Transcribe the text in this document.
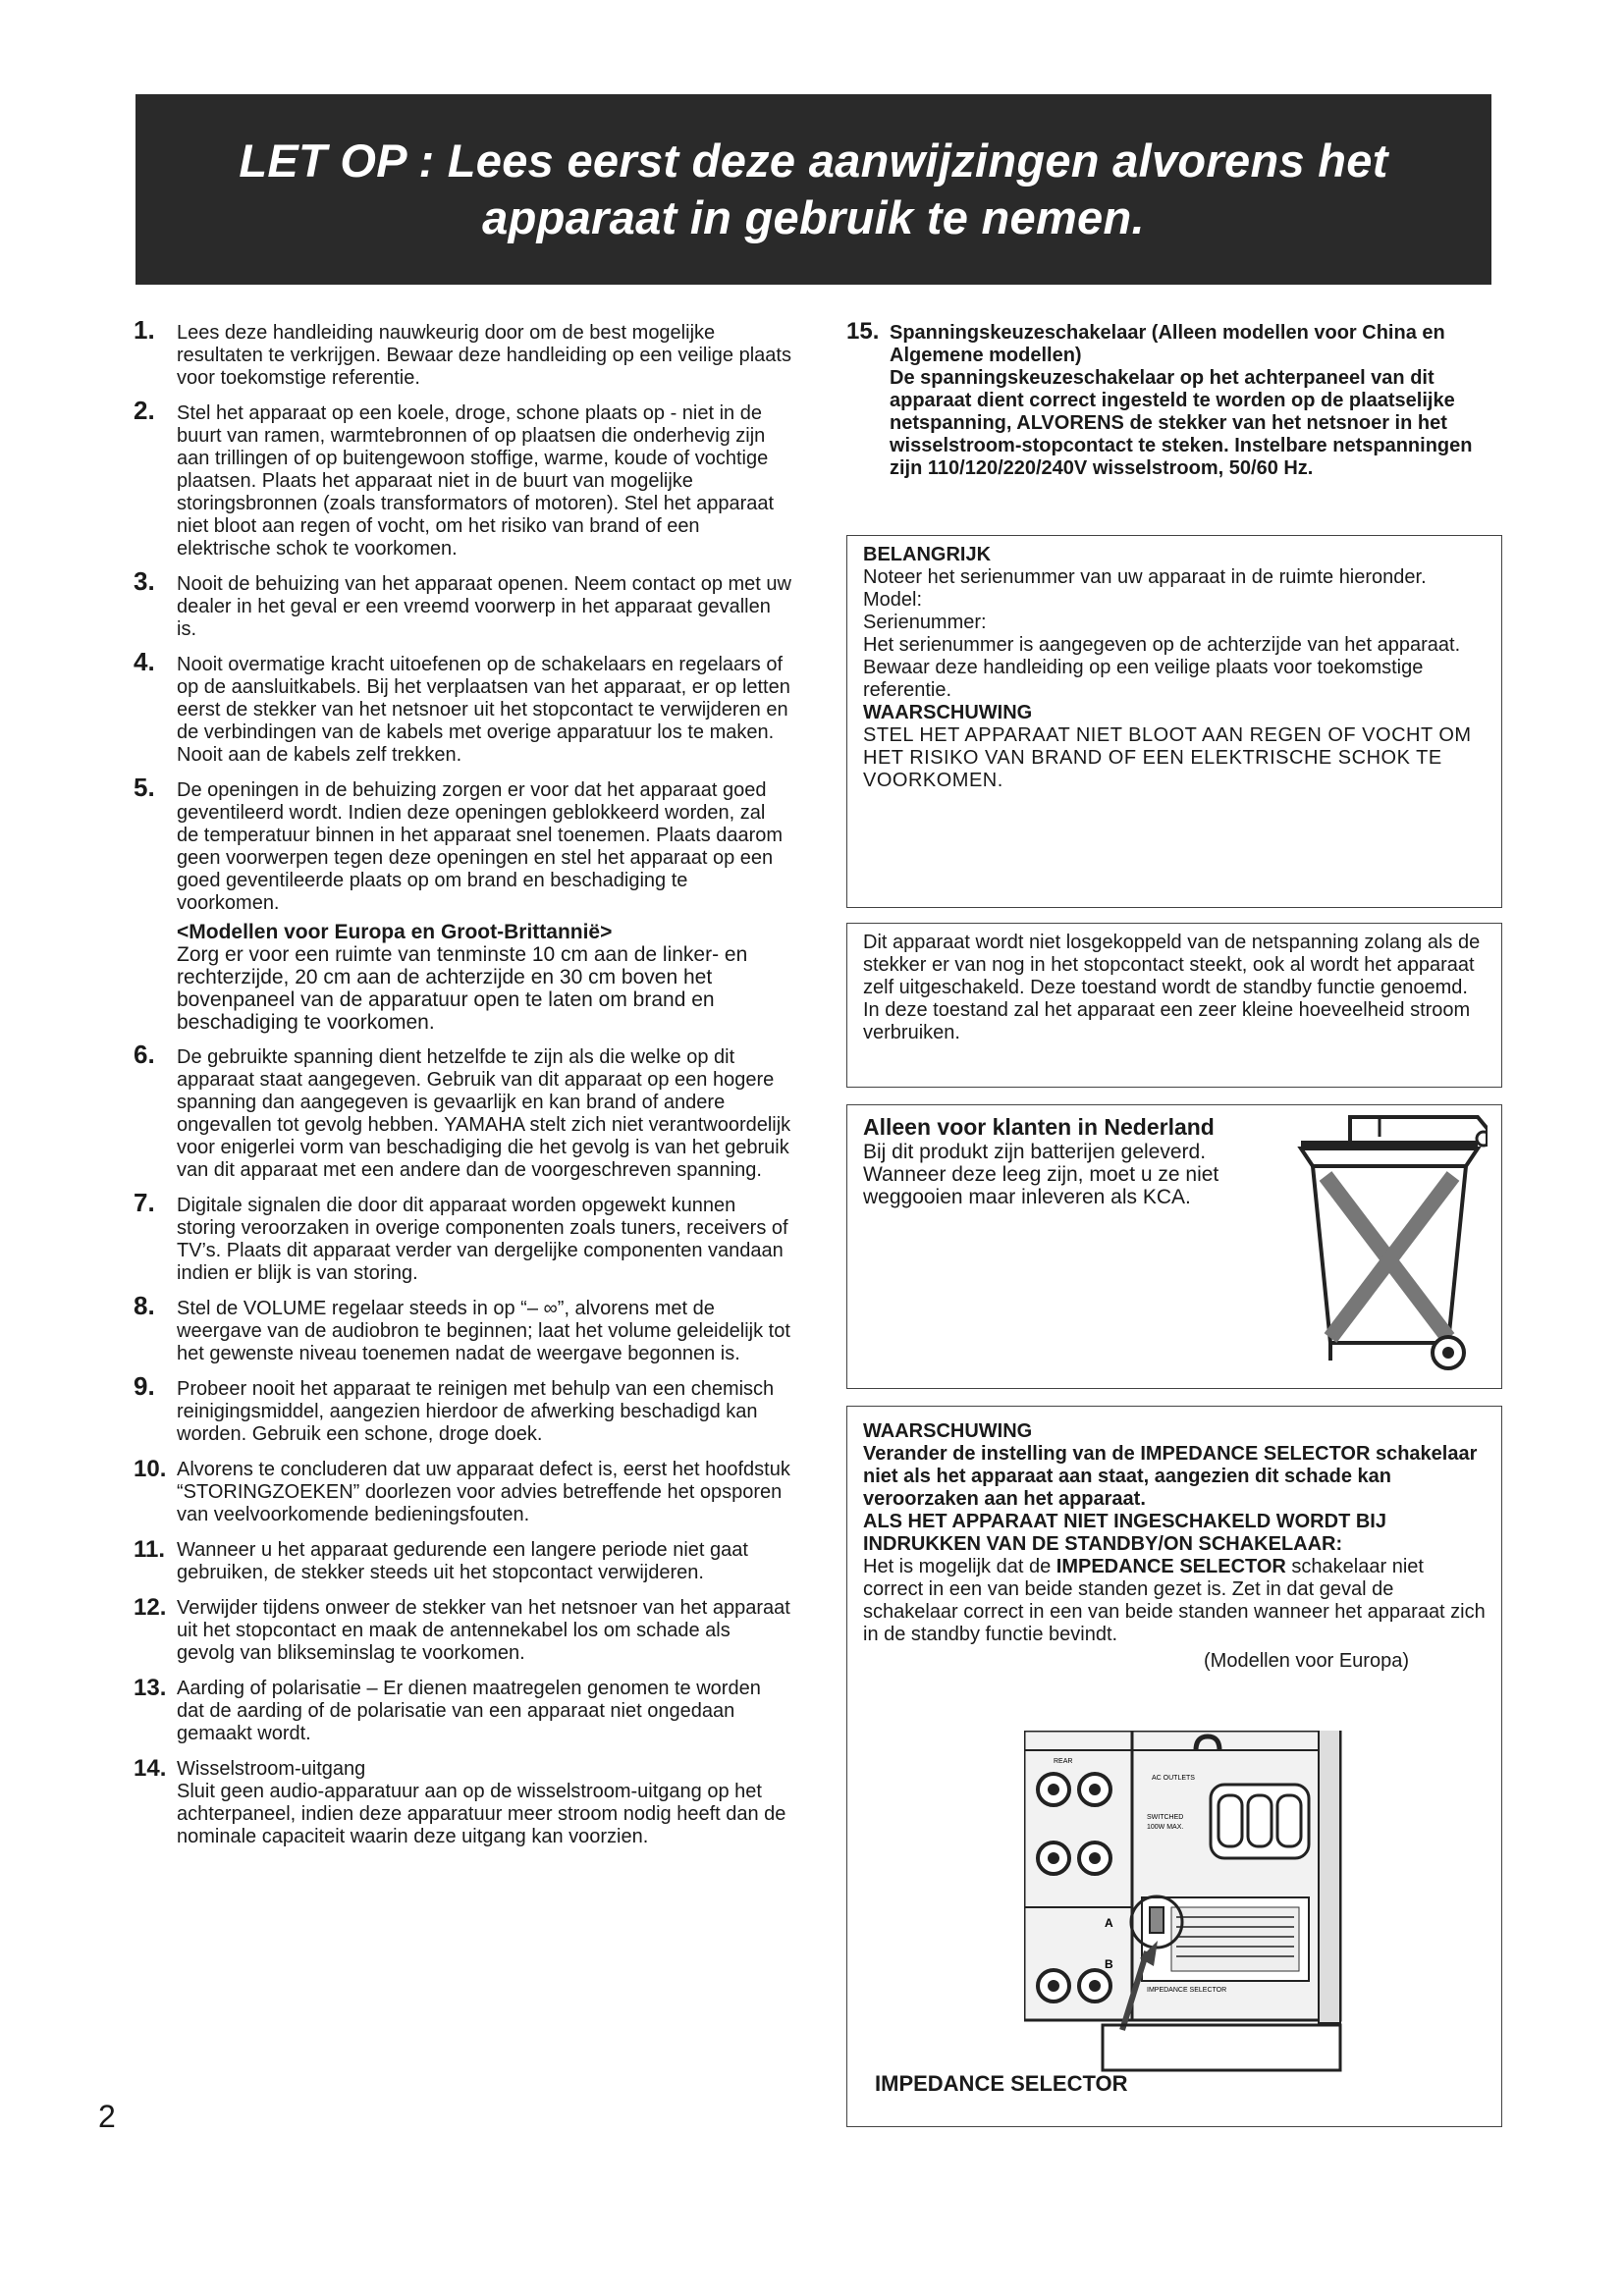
LET OP : Lees eerst deze aanwijzingen alvorens het
apparaat in gebruik te nemen.
1. Lees deze handleiding nauwkeurig door om de best mogelijke resultaten te verkrijgen. Bewaar deze handleiding op een veilige plaats voor toekomstige referentie.
2. Stel het apparaat op een koele, droge, schone plaats op - niet in de buurt van ramen, warmtebronnen of op plaatsen die onderhevig zijn aan trillingen of op buitengewoon stoffige, warme, koude of vochtige plaatsen. Plaats het apparaat niet in de buurt van mogelijke storingsbronnen (zoals transformators of motoren). Stel het apparaat niet bloot aan regen of vocht, om het risiko van brand of een elektrische schok te voorkomen.
3. Nooit de behuizing van het apparaat openen. Neem contact op met uw dealer in het geval er een vreemd voorwerp in het apparaat gevallen is.
4. Nooit overmatige kracht uitoefenen op de schakelaars en regelaars of op de aansluitkabels. Bij het verplaatsen van het apparaat, er op letten eerst de stekker van het netsnoer uit het stopcontact te verwijderen en de verbindingen van de kabels met overige apparatuur los te maken. Nooit aan de kabels zelf trekken.
5. De openingen in de behuizing zorgen er voor dat het apparaat goed geventileerd wordt. Indien deze openingen geblokkeerd worden, zal de temperatuur binnen in het apparaat snel toenemen. Plaats daarom geen voorwerpen tegen deze openingen en stel het apparaat op een goed geventileerde plaats op om brand en beschadiging te voorkomen.
<Modellen voor Europa en Groot-Brittannië>
Zorg er voor een ruimte van tenminste 10 cm aan de linker- en rechterzijde, 20 cm aan de achterzijde en 30 cm boven het bovenpaneel van de apparatuur open te laten om brand en beschadiging te voorkomen.
6. De gebruikte spanning dient hetzelfde te zijn als die welke op dit apparaat staat aangegeven. Gebruik van dit apparaat op een hogere spanning dan aangegeven is gevaarlijk en kan brand of andere ongevallen tot gevolg hebben. YAMAHA stelt zich niet verantwoordelijk voor enigerlei vorm van beschadiging die het gevolg is van het gebruik van dit apparaat met een andere dan de voorgeschreven spanning.
7. Digitale signalen die door dit apparaat worden opgewekt kunnen storing veroorzaken in overige componenten zoals tuners, receivers of TV’s. Plaats dit apparaat verder van dergelijke componenten vandaan indien er blijk is van storing.
8. Stel de VOLUME regelaar steeds in op “– ∞”, alvorens met de weergave van de audiobron te beginnen; laat het volume geleidelijk tot het gewenste niveau toenemen nadat de weergave begonnen is.
9. Probeer nooit het apparaat te reinigen met behulp van een chemisch reinigingsmiddel, aangezien hierdoor de afwerking beschadigd kan worden. Gebruik een schone, droge doek.
10. Alvorens te concluderen dat uw apparaat defect is, eerst het hoofdstuk “STORINGZOEKEN” doorlezen voor advies betreffende het opsporen van veelvoorkomende bedieningsfouten.
11. Wanneer u het apparaat gedurende een langere periode niet gaat gebruiken, de stekker steeds uit het stopcontact verwijderen.
12. Verwijder tijdens onweer de stekker van het netsnoer van het apparaat uit het stopcontact en maak de antennekabel los om schade als gevolg van blikseminslag te voorkomen.
13. Aarding of polarisatie – Er dienen maatregelen genomen te worden dat de aarding of de polarisatie van een apparaat niet ongedaan gemaakt wordt.
14. Wisselstroom-uitgang
Sluit geen audio-apparatuur aan op de wisselstroom-uitgang op het achterpaneel, indien deze apparatuur meer stroom nodig heeft dan de nominale capaciteit waarin deze uitgang kan voorzien.
2
15. Spanningskeuzeschakelaar (Alleen modellen voor China en Algemene modellen)
De spanningskeuzeschakelaar op het achterpaneel van dit apparaat dient correct ingesteld te worden op de plaatselijke netspanning, ALVORENS de stekker van het netsnoer in het wisselstroom-stopcontact te steken. Instelbare netspanningen zijn 110/120/220/240V wisselstroom, 50/60 Hz.

BELANGRIJK

Noteer het serienummer van uw apparaat in de ruimte hieronder.

Model:

Serienummer:

Het serienummer is aangegeven op de achterzijde van het apparaat.

Bewaar deze handleiding op een veilige plaats voor toekomstige referentie.

WAARSCHUWING

STEL HET APPARAAT NIET BLOOT AAN REGEN OF VOCHT OM HET RISIKO VAN BRAND OF EEN ELEKTRISCHE SCHOK TE VOORKOMEN.

Dit apparaat wordt niet losgekoppeld van de netspanning zolang als de stekker er van nog in het stopcontact steekt, ook al wordt het apparaat zelf uitgeschakeld. Deze toestand wordt de standby functie genoemd.

In deze toestand zal het apparaat een zeer kleine hoeveelheid stroom verbruiken.

Alleen voor klanten in Nederland

Bij dit produkt zijn batterijen geleverd. Wanneer deze leeg zijn, moet u ze niet weggooien maar inleveren als KCA.

WAARSCHUWING

Verander de instelling van de IMPEDANCE SELECTOR schakelaar niet als het apparaat aan staat, aangezien dit schade kan veroorzaken aan het apparaat.

ALS HET APPARAAT NIET INGESCHAKELD WORDT BIJ INDRUKKEN VAN DE STANDBY/ON SCHAKELAAR:

Het is mogelijk dat de IMPEDANCE SELECTOR schakelaar niet correct in een van beide standen gezet is. Zet in dat geval de schakelaar correct in een van beide standen wanneer het apparaat zich in de standby functie bevindt.

(Modellen voor Europa)

REAR
A
B
AC OUTLETS
SWITCHED
100W MAX.
IMPEDANCE SELECTOR
IMPEDANCE SELECTOR
